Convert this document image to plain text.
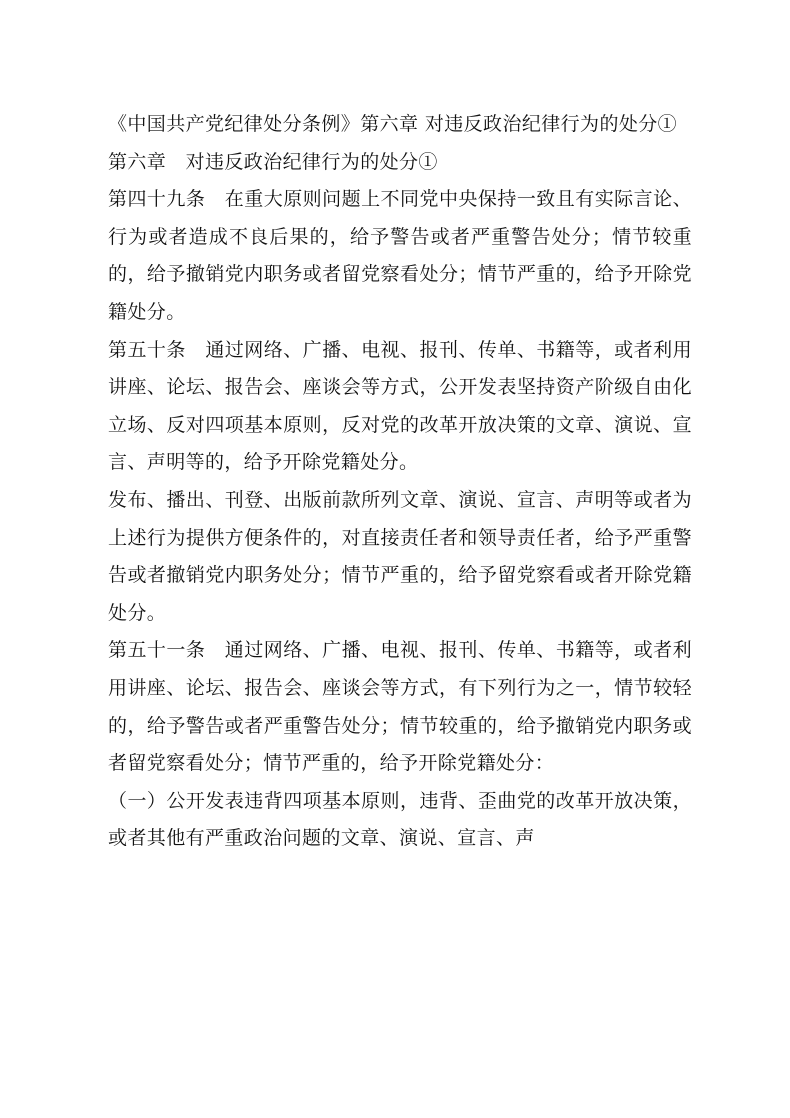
《中国共产党纪律处分条例》第六章 对违反政治纪律行为的处分①

第六章　对违反政治纪律行为的处分①

第四十九条　在重大原则问题上不同党中央保持一致且有实际言论、行为或者造成不良后果的，给予警告或者严重警告处分；情节较重的，给予撤销党内职务或者留党察看处分；情节严重的，给予开除党籍处分。

第五十条　通过网络、广播、电视、报刊、传单、书籍等，或者利用讲座、论坛、报告会、座谈会等方式，公开发表坚持资产阶级自由化立场、反对四项基本原则，反对党的改革开放决策的文章、演说、宣言、声明等的，给予开除党籍处分。

发布、播出、刊登、出版前款所列文章、演说、宣言、声明等或者为上述行为提供方便条件的，对直接责任者和领导责任者，给予严重警告或者撤销党内职务处分；情节严重的，给予留党察看或者开除党籍处分。

第五十一条　通过网络、广播、电视、报刊、传单、书籍等，或者利用讲座、论坛、报告会、座谈会等方式，有下列行为之一，情节较轻的，给予警告或者严重警告处分；情节较重的，给予撤销党内职务或者留党察看处分；情节严重的，给予开除党籍处分：

（一）公开发表违背四项基本原则，违背、歪曲党的改革开放决策，或者其他有严重政治问题的文章、演说、宣言、声
